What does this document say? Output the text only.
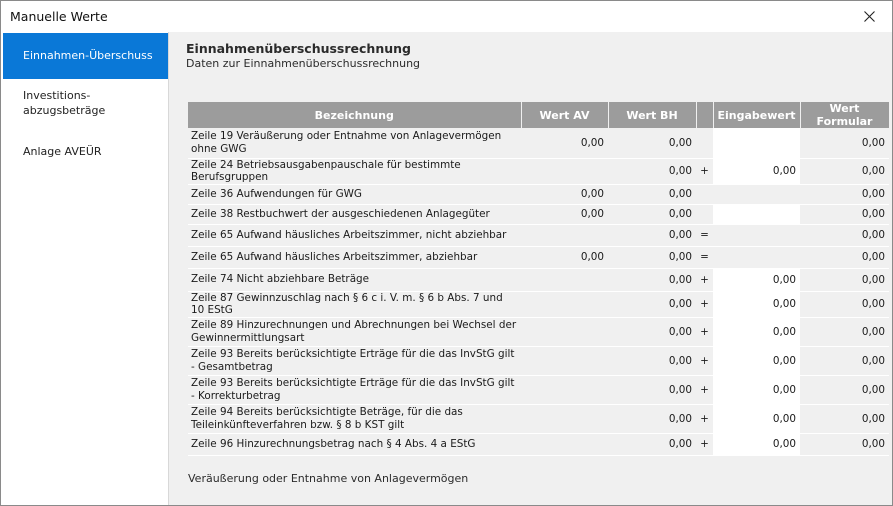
Manuelle Werte
Einnahmen-Überschuss
Investitions-
abzugsbeträge
Anlage AVEÜR
Einnahmenüberschussrechnung
Daten zur Einnahmenüberschussrechnung
Bezeichnung	Wert AV	Wert BH		Eingabewert	Wert Formular
Zeile 19 Veräußerung oder Entnahme von Anlagevermögen ohne GWG	0,00	0,00			0,00
Zeile 24 Betriebsausgabenpauschale für bestimmte Berufsgruppen		0,00	+	0,00	0,00
Zeile 36 Aufwendungen für GWG	0,00	0,00			0,00
Zeile 38 Restbuchwert der ausgeschiedenen Anlagegüter	0,00	0,00			0,00
Zeile 65 Aufwand häusliches Arbeitszimmer, nicht abziehbar		0,00	=		0,00
Zeile 65 Aufwand häusliches Arbeitszimmer, abziehbar	0,00	0,00	=		0,00
Zeile 74 Nicht abziehbare Beträge		0,00	+	0,00	0,00
Zeile 87 Gewinnzuschlag nach § 6 c i. V. m. § 6 b Abs. 7 und 10 EStG		0,00	+	0,00	0,00
Zeile 89 Hinzurechnungen und Abrechnungen bei Wechsel der Gewinnermittlungsart		0,00	+	0,00	0,00
Zeile 93 Bereits berücksichtigte Erträge für die das InvStG gilt - Gesamtbetrag		0,00	+	0,00	0,00
Zeile 93 Bereits berücksichtigte Erträge für die das InvStG gilt - Korrekturbetrag		0,00	+	0,00	0,00
Zeile 94 Bereits berücksichtigte Beträge, für die das Teileinkünfteverfahren bzw. § 8 b KST gilt		0,00	+	0,00	0,00
Zeile 96 Hinzurechnungsbetrag nach § 4 Abs. 4 a EStG		0,00	+	0,00	0,00
Veräußerung oder Entnahme von Anlagevermögen
